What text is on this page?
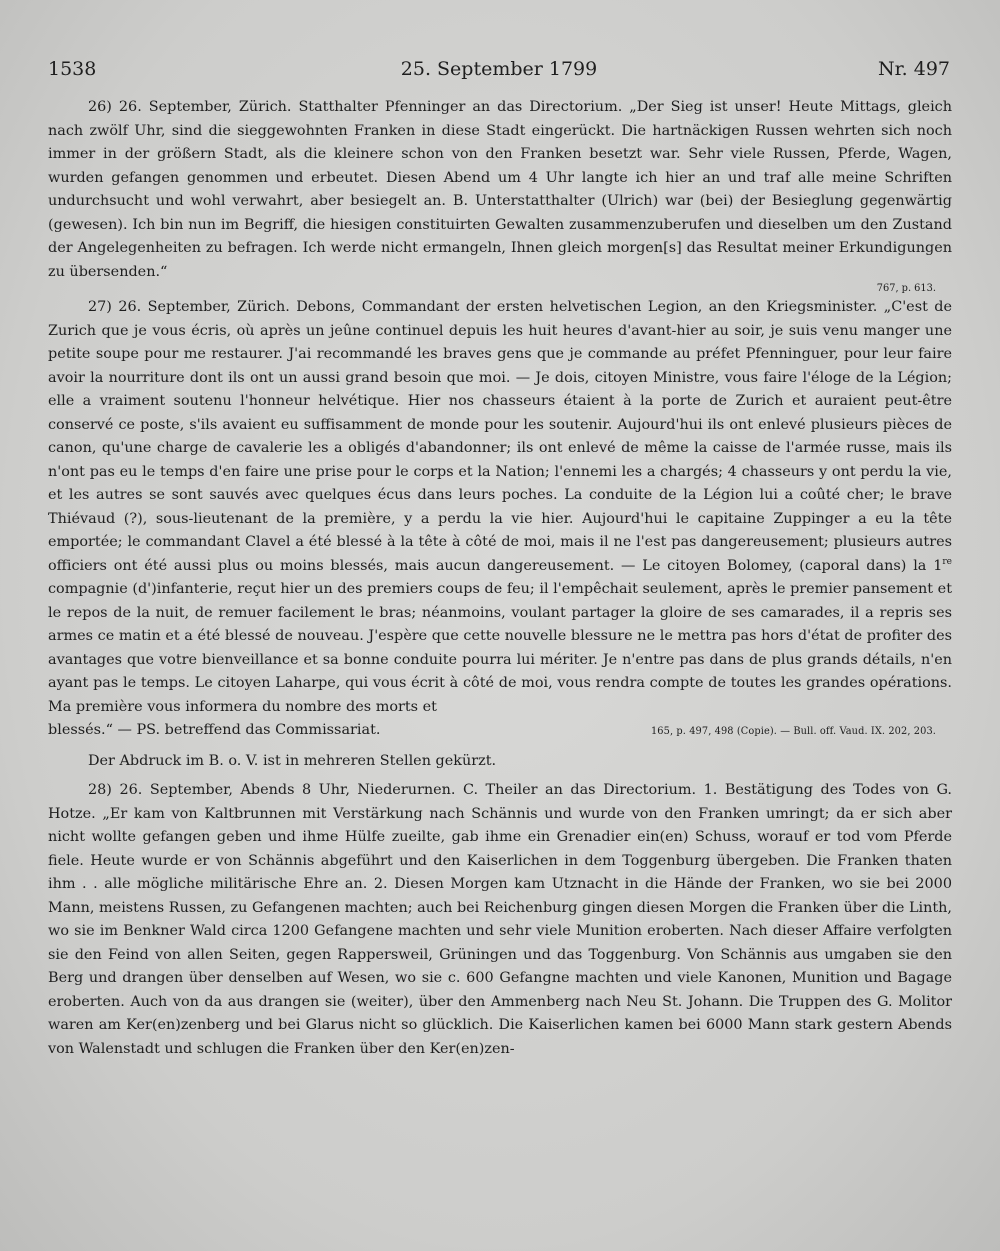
1538	25. September 1799	Nr. 497

26) 26. September, Zürich. Statthalter Pfenninger an das Directorium. „Der Sieg ist unser! Heute Mittags, gleich nach zwölf Uhr, sind die sieggewohnten Franken in diese Stadt eingerückt. Die hartnäckigen Russen wehrten sich noch immer in der größern Stadt, als die kleinere schon von den Franken besetzt war. Sehr viele Russen, Pferde, Wagen, wurden gefangen genommen und erbeutet. Diesen Abend um 4 Uhr langte ich hier an und traf alle meine Schriften undurchsucht und wohl verwahrt, aber besiegelt an. B. Unterstatthalter (Ulrich) war (bei) der Besieglung gegenwärtig (gewesen). Ich bin nun im Begriff, die hiesigen constituirten Gewalten zusammenzuberufen und dieselben um den Zustand der Angelegenheiten zu befragen. Ich werde nicht ermangeln, Ihnen gleich morgen[s] das Resultat meiner Erkundigungen zu übersenden.“

767, p. 613.

27) 26. September, Zürich. Debons, Commandant der ersten helvetischen Legion, an den Kriegsminister. „C'est de Zurich que je vous écris, où après un jeûne continuel depuis les huit heures d'avant-hier au soir, je suis venu manger une petite soupe pour me restaurer. J'ai recommandé les braves gens que je commande au préfet Pfenninguer, pour leur faire avoir la nourriture dont ils ont un aussi grand besoin que moi. — Je dois, citoyen Ministre, vous faire l'éloge de la Légion; elle a vraiment soutenu l'honneur helvétique. Hier nos chasseurs étaient à la porte de Zurich et auraient peut-être conservé ce poste, s'ils avaient eu suffisamment de monde pour les soutenir. Aujourd'hui ils ont enlevé plusieurs pièces de canon, qu'une charge de cavalerie les a obligés d'abandonner; ils ont enlevé de même la caisse de l'armée russe, mais ils n'ont pas eu le temps d'en faire une prise pour le corps et la Nation; l'ennemi les a chargés; 4 chasseurs y ont perdu la vie, et les autres se sont sauvés avec quelques écus dans leurs poches. La conduite de la Légion lui a coûté cher; le brave Thiévaud (?), sous-lieutenant de la première, y a perdu la vie hier. Aujourd'hui le capitaine Zuppinger a eu la tête emportée; le commandant Clavel a été blessé à la tête à côté de moi, mais il ne l'est pas dangereusement; plusieurs autres officiers ont été aussi plus ou moins blessés, mais aucun dangereusement. — Le citoyen Bolomey, (caporal dans) la 1re compagnie (d')infanterie, reçut hier un des premiers coups de feu; il l'empêchait seulement, après le premier pansement et le repos de la nuit, de remuer facilement le bras; néanmoins, voulant partager la gloire de ses camarades, il a repris ses armes ce matin et a été blessé de nouveau. J'espère que cette nouvelle blessure ne le mettra pas hors d'état de profiter des avantages que votre bienveillance et sa bonne conduite pourra lui mériter. Je n'entre pas dans de plus grands détails, n'en ayant pas le temps. Le citoyen Laharpe, qui vous écrit à côté de moi, vous rendra compte de toutes les grandes opérations. Ma première vous informera du nombre des morts et

blessés.“ — PS. betreffend das Commissariat.	165, p. 497, 498 (Copie). — Bull. off. Vaud. IX. 202, 203.

Der Abdruck im B. o. V. ist in mehreren Stellen gekürzt.

28) 26. September, Abends 8 Uhr, Niederurnen. C. Theiler an das Directorium. 1. Bestätigung des Todes von G. Hotze. „Er kam von Kaltbrunnen mit Verstärkung nach Schännis und wurde von den Franken umringt; da er sich aber nicht wollte gefangen geben und ihme Hülfe zueilte, gab ihme ein Grenadier ein(en) Schuss, worauf er tod vom Pferde fiele. Heute wurde er von Schännis abgeführt und den Kaiserlichen in dem Toggenburg übergeben. Die Franken thaten ihm . . alle mögliche militärische Ehre an. 2. Diesen Morgen kam Utznacht in die Hände der Franken, wo sie bei 2000 Mann, meistens Russen, zu Gefangenen machten; auch bei Reichenburg gingen diesen Morgen die Franken über die Linth, wo sie im Benkner Wald circa 1200 Gefangene machten und sehr viele Munition eroberten. Nach dieser Affaire verfolgten sie den Feind von allen Seiten, gegen Rappersweil, Grüningen und das Toggenburg. Von Schännis aus umgaben sie den Berg und drangen über denselben auf Wesen, wo sie c. 600 Gefangne machten und viele Kanonen, Munition und Bagage eroberten. Auch von da aus drangen sie (weiter), über den Ammenberg nach Neu St. Johann. Die Truppen des G. Molitor waren am Ker(en)zenberg und bei Glarus nicht so glücklich. Die Kaiserlichen kamen bei 6000 Mann stark gestern Abends von Walenstadt und schlugen die Franken über den Ker(en)zen-
